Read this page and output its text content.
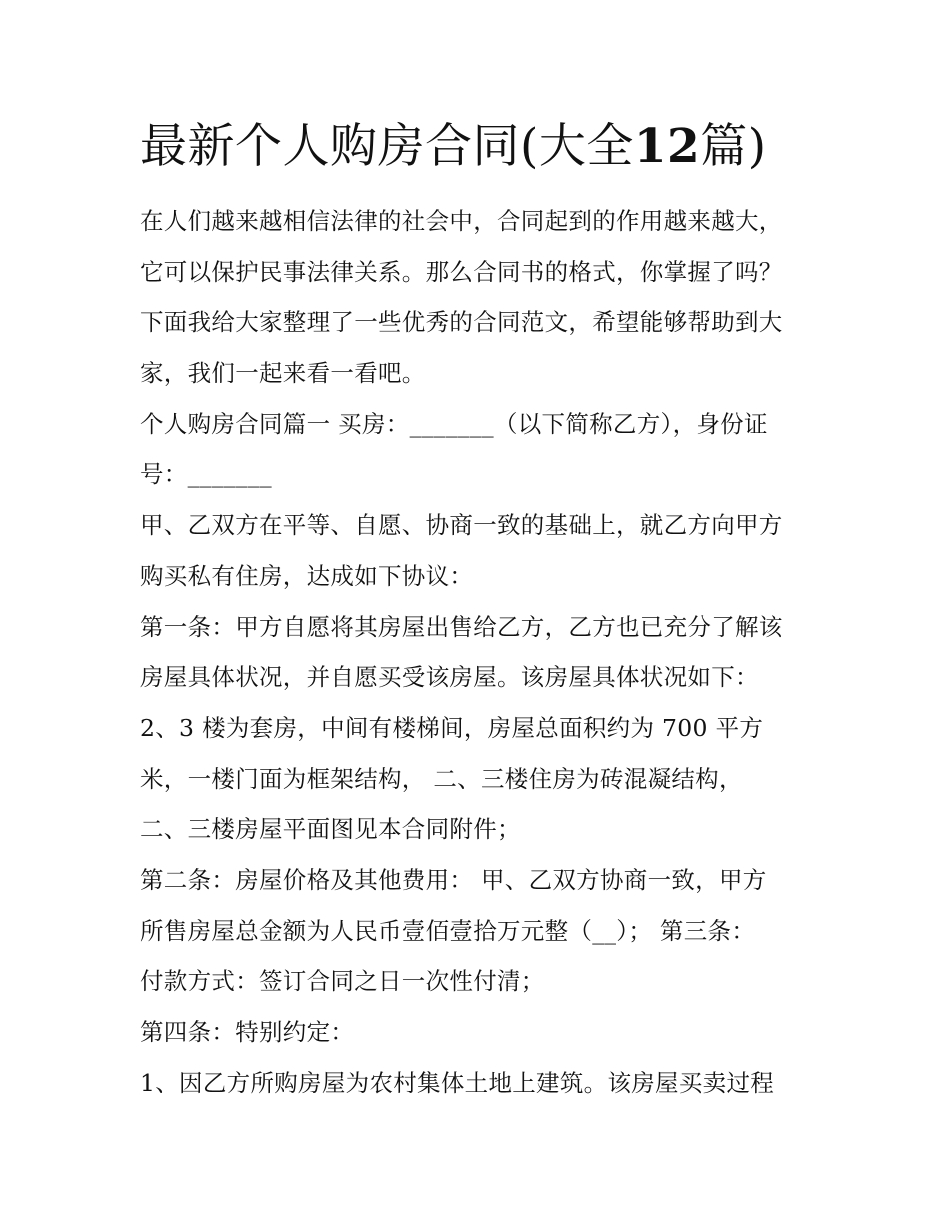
最新个人购房合同(大全12篇)
在人们越来越相信法律的社会中，合同起到的作用越来越大，
它可以保护民事法律关系。那么合同书的格式，你掌握了吗？
下面我给大家整理了一些优秀的合同范文，希望能够帮助到大
家，我们一起来看一看吧。
个人购房合同篇一 买房：_______（以下简称乙方），身份证
号：_______
甲、乙双方在平等、自愿、协商一致的基础上，就乙方向甲方
购买私有住房，达成如下协议：
第一条：甲方自愿将其房屋出售给乙方，乙方也已充分了解该
房屋具体状况，并自愿买受该房屋。该房屋具体状况如下：
2、3 楼为套房，中间有楼梯间，房屋总面积约为 700 平方
米，一楼门面为框架结构， 二、三楼住房为砖混凝结构，
二、三楼房屋平面图见本合同附件；
第二条：房屋价格及其他费用： 甲、乙双方协商一致，甲方
所售房屋总金额为人民币壹佰壹拾万元整（__）； 第三条：
付款方式：签订合同之日一次性付清；
第四条：特别约定：
1、因乙方所购房屋为农村集体土地上建筑。该房屋买卖过程
